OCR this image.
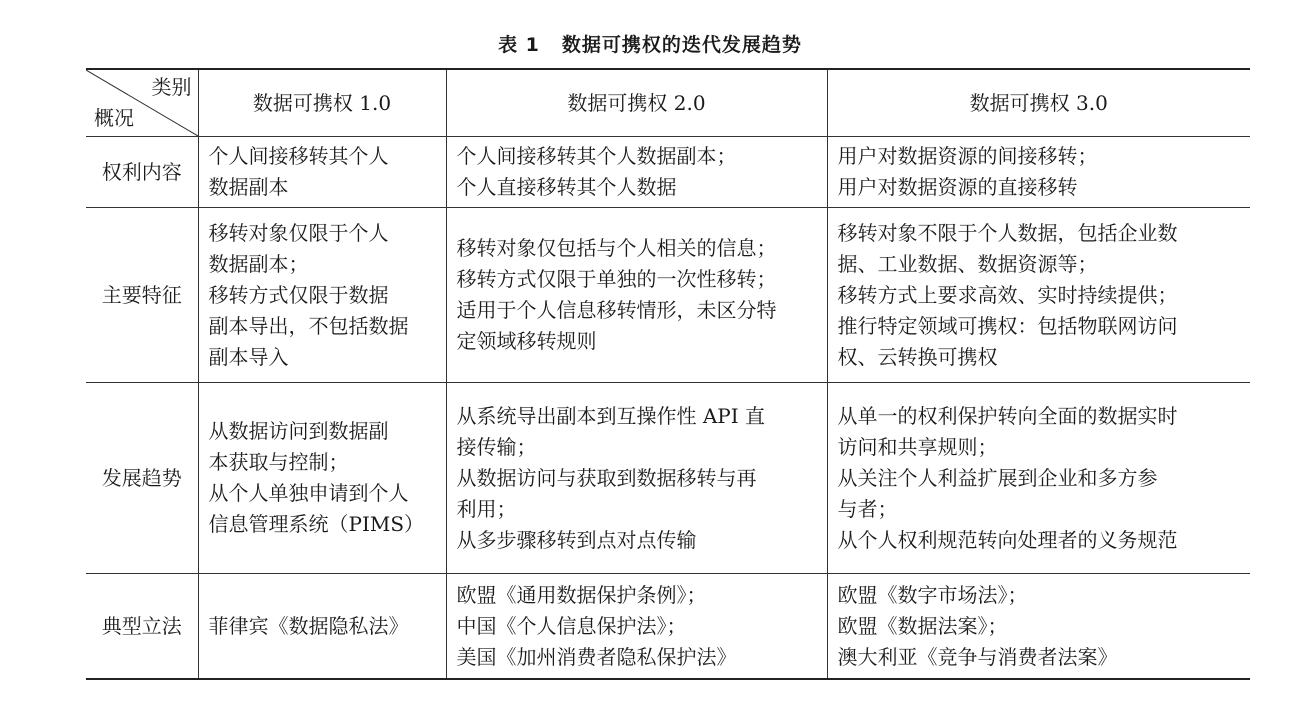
表 1 数据可携权的迭代发展趋势
类别
概况	数据可携权 1.0	数据可携权 2.0	数据可携权 3.0
权利内容	个人间接移转其个人
数据副本	个人间接移转其个人数据副本；
个人直接移转其个人数据	用户对数据资源的间接移转；
用户对数据资源的直接移转

主要特征	移转对象仅限于个人
数据副本；
移转方式仅限于数据
副本导出，不包括数据
副本导入	移转对象仅包括与个人相关的信息；
移转方式仅限于单独的一次性移转；
适用于个人信息移转情形，未区分特
定领域移转规则	移转对象不限于个人数据，包括企业数
据、工业数据、数据资源等；
移转方式上要求高效、实时持续提供；
推行特定领域可携权：包括物联网访问
权、云转换可携权

发展趋势	从数据访问到数据副
本获取与控制；
从个人单独申请到个人
信息管理系统（PIMS）	从系统导出副本到互操作性 API 直
接传输；
从数据访问与获取到数据移转与再
利用；
从多步骤移转到点对点传输	从单一的权利保护转向全面的数据实时
访问和共享规则；
从关注个人利益扩展到企业和多方参
与者；
从个人权利规范转向处理者的义务规范

典型立法	菲律宾《数据隐私法》	欧盟《通用数据保护条例》；
中国《个人信息保护法》；
美国《加州消费者隐私保护法》	欧盟《数字市场法》；
欧盟《数据法案》；
澳大利亚《竞争与消费者法案》
